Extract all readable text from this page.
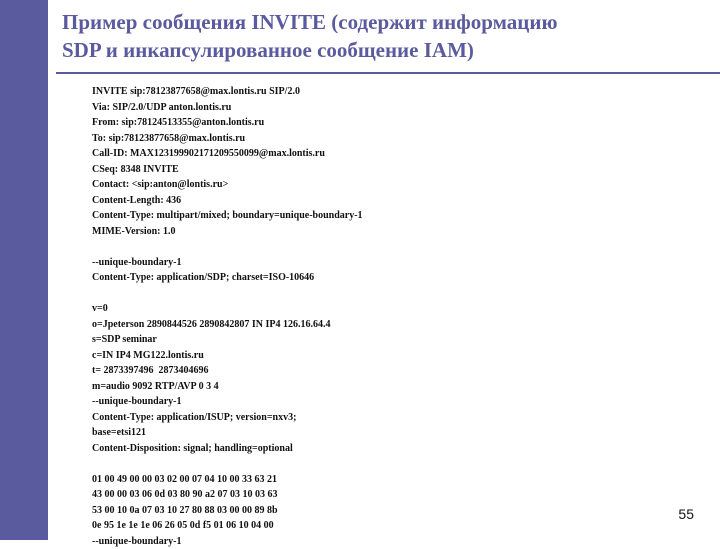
Пример сообщения INVITE (содержит информацию
SDP и инкапсулированное сообщение IAM)
INVITE sip:78123877658@max.lontis.ru SIP/2.0
Via: SIP/2.0/UDP anton.lontis.ru
From: sip:78124513355@anton.lontis.ru
To: sip:78123877658@max.lontis.ru
Call-ID: MAX123199902171209550099@max.lontis.ru
CSeq: 8348 INVITE
Contact: <sip:anton@lontis.ru>
Content-Length: 436
Content-Type: multipart/mixed; boundary=unique-boundary-1
MIME-Version: 1.0
--unique-boundary-1
Content-Type: application/SDP; charset=ISO-10646
v=0
o=Jpeterson 2890844526 2890842807 IN IP4 126.16.64.4
s=SDP seminar
c=IN IP4 MG122.lontis.ru
t= 2873397496  2873404696
m=audio 9092 RTP/AVP 0 3 4
--unique-boundary-1
Content-Type: application/ISUP; version=nxv3;
base=etsi121
Content-Disposition: signal; handling=optional
01 00 49 00 00 03 02 00 07 04 10 00 33 63 21
43 00 00 03 06 0d 03 80 90 a2 07 03 10 03 63
53 00 10 0a 07 03 10 27 80 88 03 00 00 89 8b
0e 95 1e 1e 1e 06 26 05 0d f5 01 06 10 04 00
--unique-boundary-1
55
